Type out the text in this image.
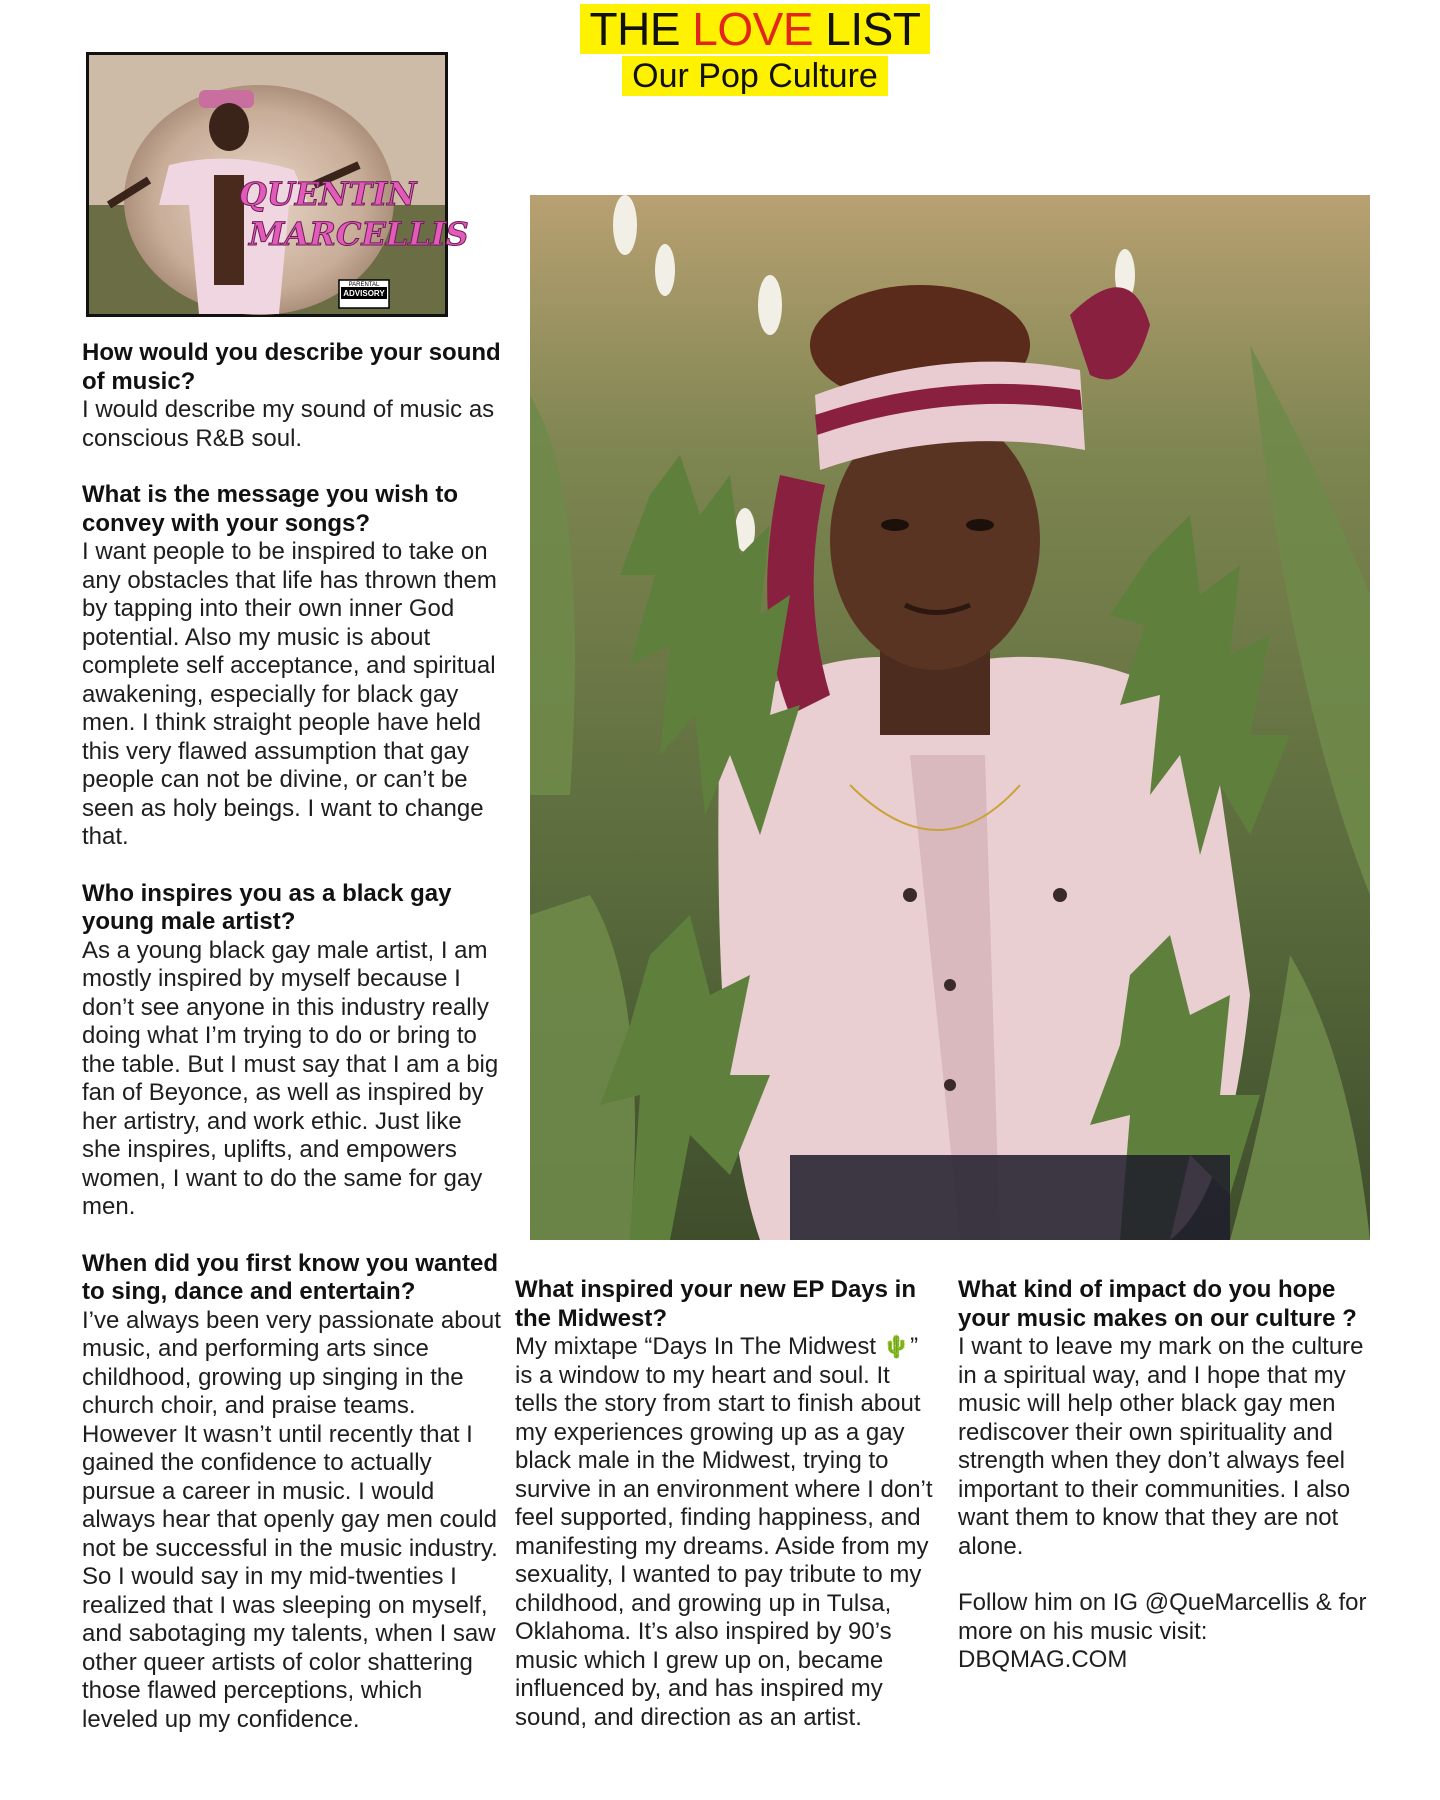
THE LOVE LIST
Our Pop Culture
QUENTIN
MARCELLIS
PARENTAL
ADVISORY

How would you describe your sound of music?

I would describe my sound of music as conscious R&B soul.

What is the message you wish to convey with your songs?

I want people to be inspired to take on any obstacles that life has thrown them by tapping into their own inner God potential. Also my music is about complete self acceptance, and spiritual awakening, especially for black gay men. I think straight people have held this very flawed assumption that gay people can not be divine, or can’t be seen as holy beings. I want to change that.

Who inspires you as a black gay young male artist?

As a young black gay male artist, I am mostly inspired by myself because I don’t see anyone in this industry really doing what I’m trying to do or bring to the table. But I must say that I am a big fan of Beyonce, as well as inspired by her artistry, and work ethic. Just like she inspires, uplifts, and empowers women, I want to do the same for gay men.

When did you first know you wanted to sing, dance and entertain?

I’ve always been very passionate about music, and performing arts since childhood, growing up singing in the church choir, and praise teams. However It wasn’t until recently that I gained the confidence to actually pursue a career in music. I would always hear that openly gay men could not be successful in the music industry. So I would say in my mid-twenties I realized that I was sleeping on myself, and sabotaging my talents, when I saw other queer artists of color shattering those flawed perceptions, which leveled up my confidence.

What inspired your new EP Days in the Midwest?

My mixtape “Days In The Midwest 🌵” is a window to my heart and soul. It tells the story from start to finish about my experiences growing up as a gay black male in the Midwest, trying to survive in an environment where I don’t feel supported, finding happiness, and manifesting my dreams. Aside from my sexuality, I wanted to pay tribute to my childhood, and growing up in Tulsa, Oklahoma. It’s also inspired by 90’s music which I grew up on, became influenced by, and has inspired my sound, and direction as an artist.

What kind of impact do you hope your music makes on our culture ?

I want to leave my mark on the culture in a spiritual way, and I hope that my music will help other black gay men rediscover their own spirituality and strength when they don’t always feel important to their communities. I also want them to know that they are not alone.

Follow him on IG @QueMarcellis & for more on his music visit: DBQMAG.COM
